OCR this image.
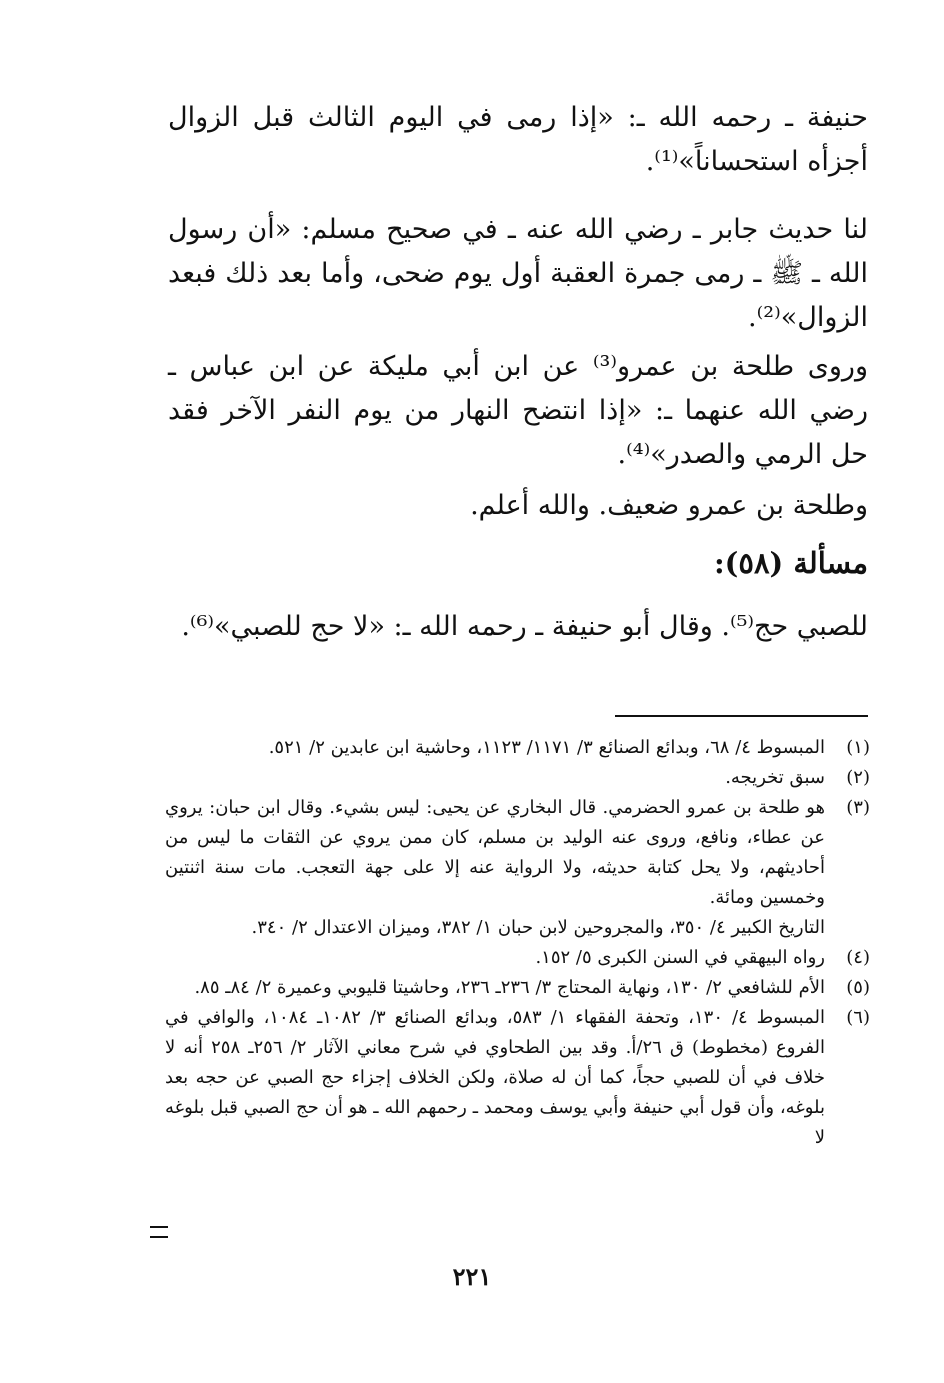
حنيفة ـ رحمه الله ـ: «إذا رمى في اليوم الثالث قبل الزوال أجزأه استحساناً»⁽¹⁾.

لنا حديث جابر ـ رضي الله عنه ـ في صحيح مسلم: «أن رسول الله ـ ﷺ ـ رمى جمرة العقبة أول يوم ضحى، وأما بعد ذلك فبعد الزوال»⁽²⁾.

وروى طلحة بن عمرو⁽³⁾ عن ابن أبي مليكة عن ابن عباس ـ رضي الله عنهما ـ: «إذا انتضح النهار من يوم النفر الآخر فقد حل الرمي والصدر»⁽⁴⁾.

وطلحة بن عمرو ضعيف. والله أعلم.

مسألة (٥٨):

للصبي حج⁽⁵⁾. وقال أبو حنيفة ـ رحمه الله ـ: «لا حج للصبي»⁽⁶⁾.

(١)
المبسوط ٤/ ٦٨، وبدائع الصنائع ٣/ ١١٧١/ ١١٢٣، وحاشية ابن عابدين ٢/ ٥٢١.
(٢)
سبق تخريجه.
(٣)
هو طلحة بن عمرو الحضرمي. قال البخاري عن يحيى: ليس بشيء. وقال ابن حبان: يروي عن عطاء، ونافع، وروى عنه الوليد بن مسلم، كان ممن يروي عن الثقات ما ليس من أحاديثهم، ولا يحل كتابة حديثه، ولا الرواية عنه إلا على جهة التعجب. مات سنة اثنتين وخمسين ومائة.
التاريخ الكبير ٤/ ٣٥٠، والمجروحين لابن حبان ١/ ٣٨٢، وميزان الاعتدال ٢/ ٣٤٠.
(٤)
رواه البيهقي في السنن الكبرى ٥/ ١٥٢.
(٥)
الأم للشافعي ٢/ ١٣٠، ونهاية المحتاج ٣/ ٢٣٦ـ ٢٣٦، وحاشيتا قليوبي وعميرة ٢/ ٨٤ـ ٨٥.
(٦)
المبسوط ٤/ ١٣٠، وتحفة الفقهاء ١/ ٥٨٣، وبدائع الصنائع ٣/ ١٠٨٢ـ ١٠٨٤، والوافي في الفروع (مخطوط) ق ٢٦/أ. وقد بين الطحاوي في شرح معاني الآثار ٢/ ٢٥٦ـ ٢٥٨ أنه لا خلاف في أن للصبي حجاً، كما أن له صلاة، ولكن الخلاف إجزاء حج الصبي عن حجه بعد بلوغه، وأن قول أبي حنيفة وأبي يوسف ومحمد ـ رحمهم الله ـ هو أن حج الصبي قبل بلوغه لا
٢٢١
